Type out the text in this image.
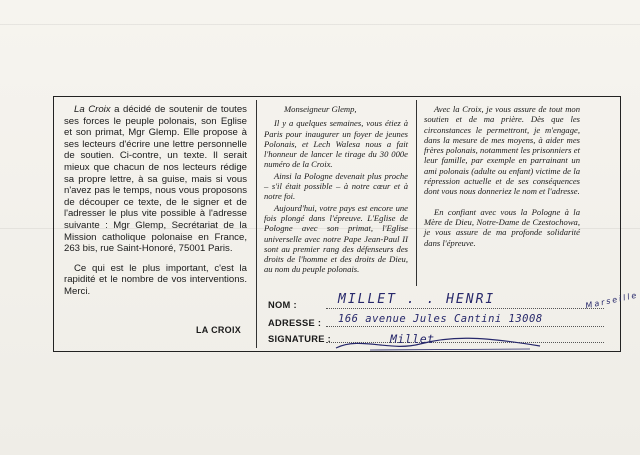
La Croix a décidé de soutenir de toutes ses forces le peuple polonais, son Eglise et son primat, Mgr Glemp. Elle propose à ses lecteurs d'écrire une lettre personnelle de soutien. Ci-contre, un texte. Il serait mieux que chacun de nos lecteurs rédige sa propre lettre, à sa guise, mais si vous n'avez pas le temps, nous vous proposons de découper ce texte, de le signer et de l'adresser le plus vite possible à l'adresse suivante : Mgr Glemp, Secrétariat de la Mission catholique polonaise en France, 263 bis, rue Saint-Honoré, 75001 Paris.

Ce qui est le plus important, c'est la rapidité et le nombre de vos interventions. Merci.

LA CROIX

Monseigneur Glemp,

Il y a quelques semaines, vous étiez à Paris pour inaugurer un foyer de jeunes Polonais, et Lech Walesa nous a fait l'honneur de lancer le tirage du 30 000e numéro de la Croix.

Ainsi la Pologne devenait plus proche – s'il était possible – à notre cœur et à notre foi.

Aujourd'hui, votre pays est encore une fois plongé dans l'épreuve. L'Eglise de Pologne avec son primat, l'Eglise universelle avec notre Pape Jean-Paul II sont au premier rang des défenseurs des droits de l'homme et des droits de Dieu, au nom du peuple polonais.

Avec la Croix, je vous assure de tout mon soutien et de ma prière. Dès que les circonstances le permettront, je m'engage, dans la mesure de mes moyens, à aider mes frères polonais, notamment les prisonniers et leur famille, par exemple en parrainant un ami polonais (adulte ou enfant) victime de la répression actuelle et de ses conséquences dont vous nous donneriez le nom et l'adresse.

En confiant avec vous la Pologne à la Mère de Dieu, Notre-Dame de Czestochowa, je vous assure de ma profonde solidarité dans l'épreuve.

NOM :	MILLET . . HENRI
ADRESSE : 166 avenue Jules Cantini 13008
SIGNATURE :	Millet
Marseille
